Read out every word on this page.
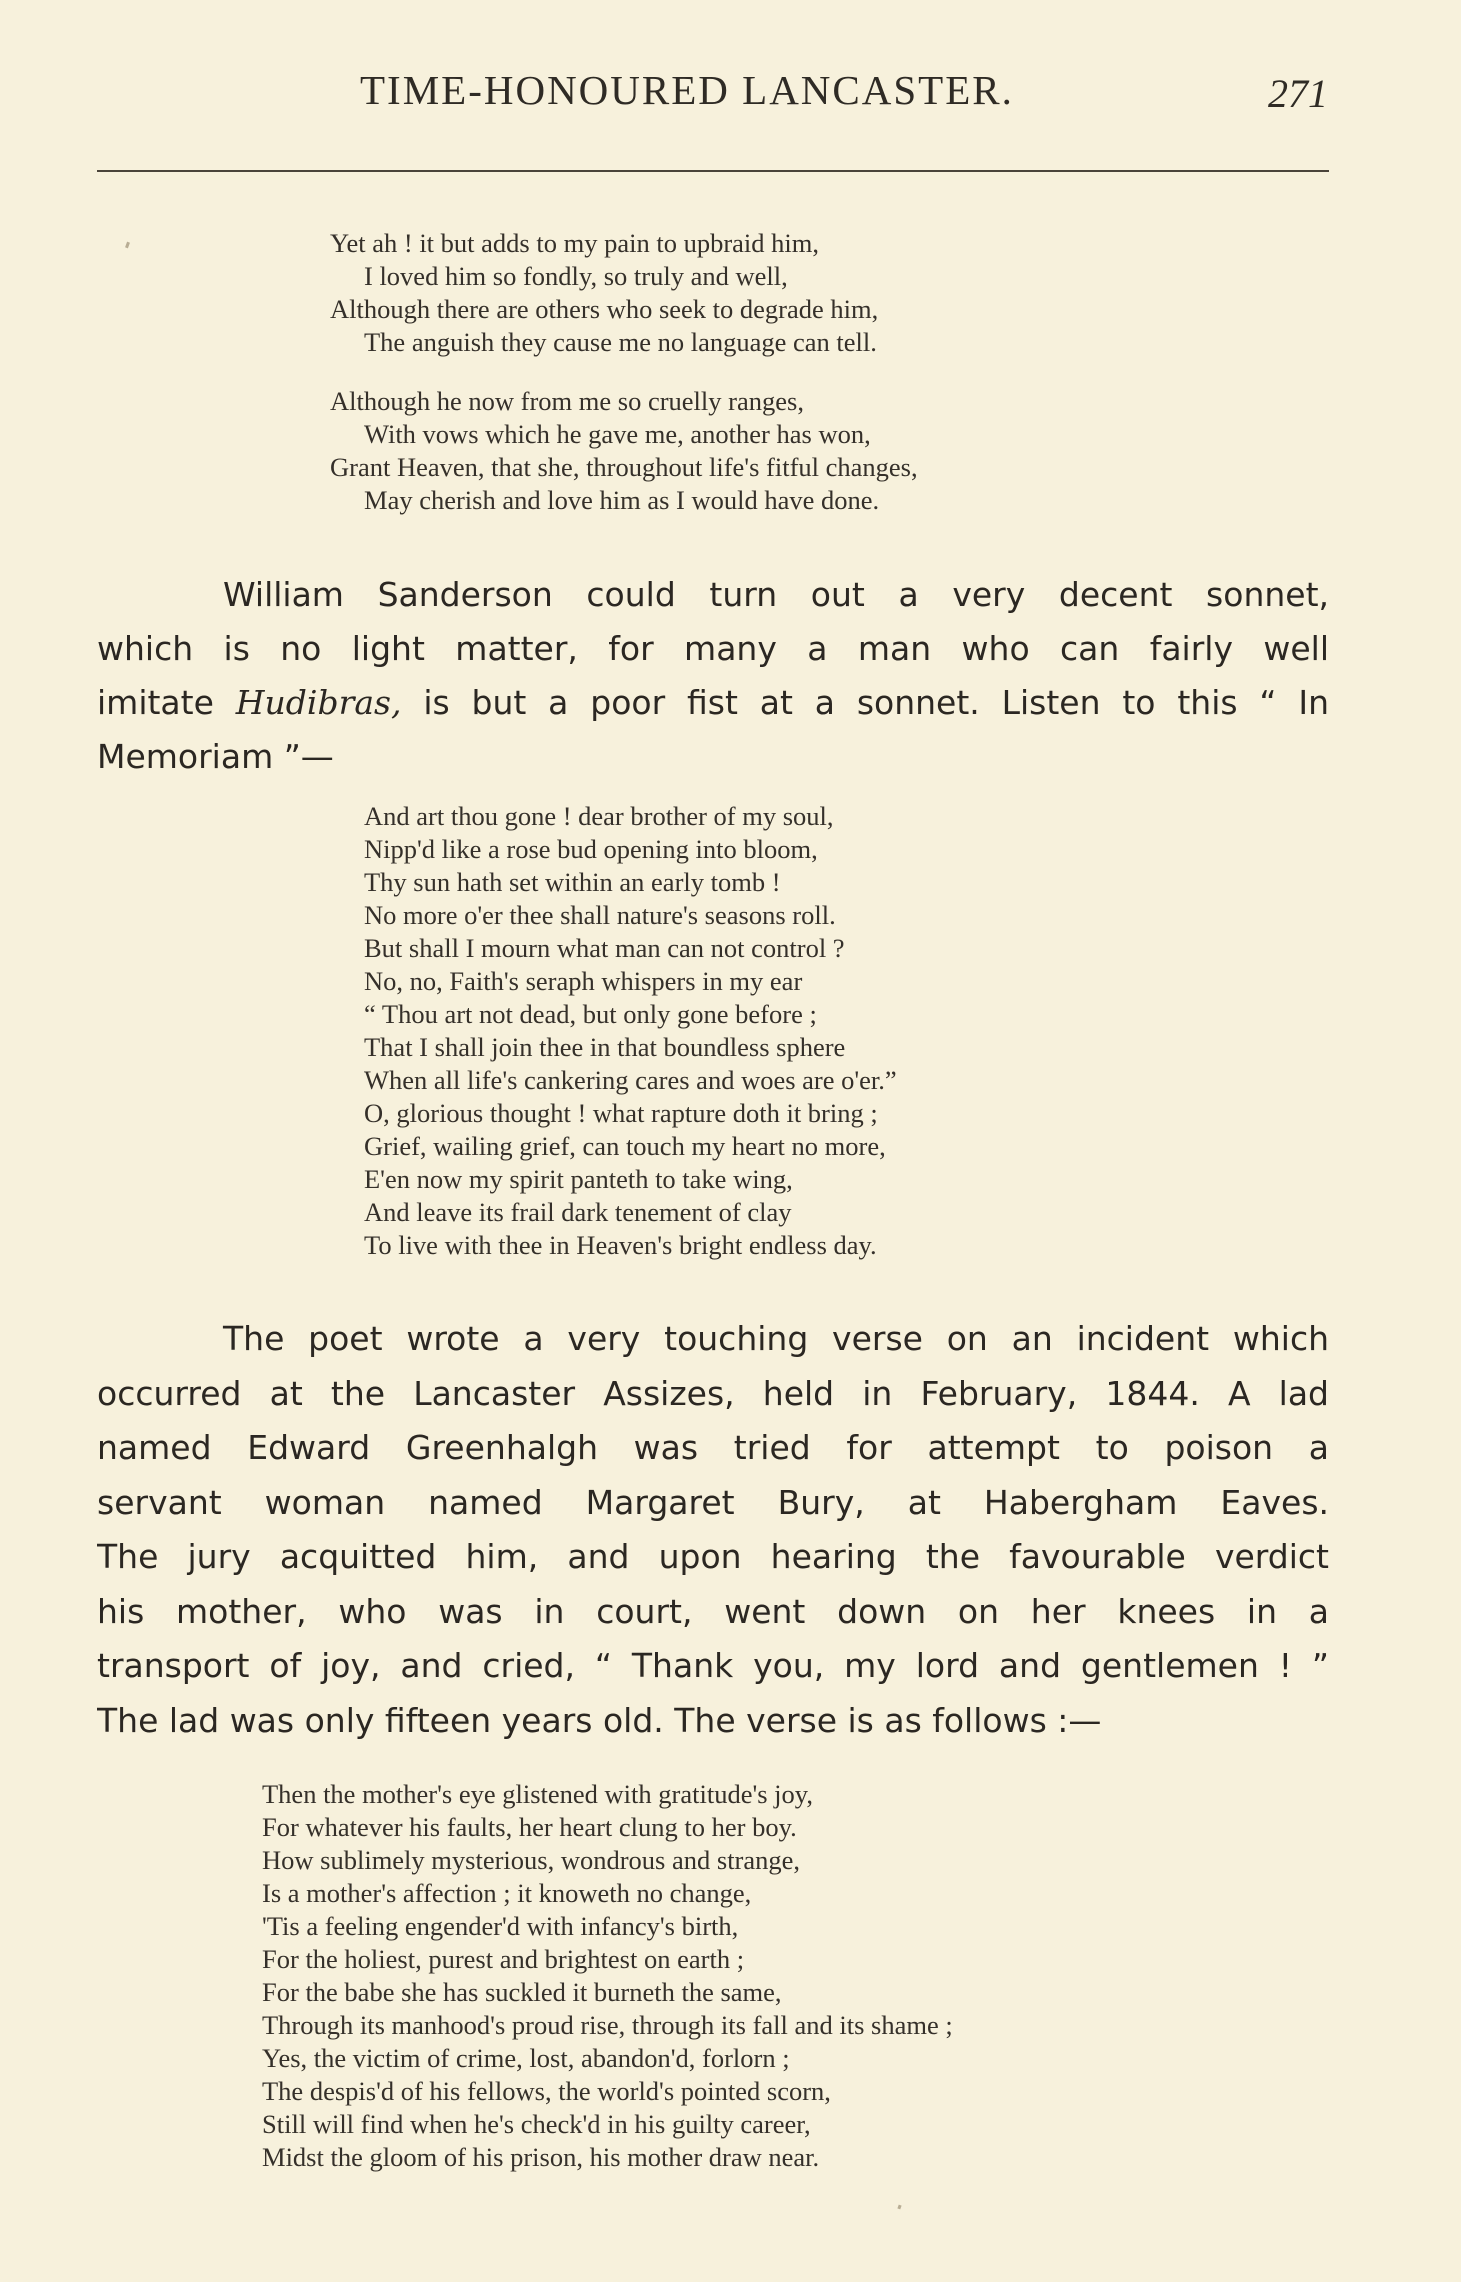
TIME-HONOURED LANCASTER.	271
Yet ah ! it but adds to my pain to upbraid him,
I loved him so fondly, so truly and well,
Although there are others who seek to degrade him,
The anguish they cause me no language can tell.
Although he now from me so cruelly ranges,
With vows which he gave me, another has won,
Grant Heaven, that she, throughout life's fitful changes,
May cherish and love him as I would have done.
William Sanderson could turn out a very decent sonnet,
which is no light matter, for many a man who can fairly well
imitate Hudibras, is but a poor fist at a sonnet. Listen to this “ In
Memoriam ”—
And art thou gone ! dear brother of my soul,
Nipp'd like a rose bud opening into bloom,
Thy sun hath set within an early tomb !
No more o'er thee shall nature's seasons roll.
But shall I mourn what man can not control ?
No, no, Faith's seraph whispers in my ear
“ Thou art not dead, but only gone before ;
That I shall join thee in that boundless sphere
When all life's cankering cares and woes are o'er.”
O, glorious thought ! what rapture doth it bring ;
Grief, wailing grief, can touch my heart no more,
E'en now my spirit panteth to take wing,
And leave its frail dark tenement of clay
To live with thee in Heaven's bright endless day.
The poet wrote a very touching verse on an incident which
occurred at the Lancaster Assizes, held in February, 1844. A lad
named Edward Greenhalgh was tried for attempt to poison a
servant woman named Margaret Bury, at Habergham Eaves.
The jury acquitted him, and upon hearing the favourable verdict
his mother, who was in court, went down on her knees in a
transport of joy, and cried, “ Thank you, my lord and gentlemen ! ”
The lad was only fifteen years old. The verse is as follows :—
Then the mother's eye glistened with gratitude's joy,
For whatever his faults, her heart clung to her boy.
How sublimely mysterious, wondrous and strange,
Is a mother's affection ; it knoweth no change,
'Tis a feeling engender'd with infancy's birth,
For the holiest, purest and brightest on earth ;
For the babe she has suckled it burneth the same,
Through its manhood's proud rise, through its fall and its shame ;
Yes, the victim of crime, lost, abandon'd, forlorn ;
The despis'd of his fellows, the world's pointed scorn,
Still will find when he's check'd in his guilty career,
Midst the gloom of his prison, his mother draw near.
